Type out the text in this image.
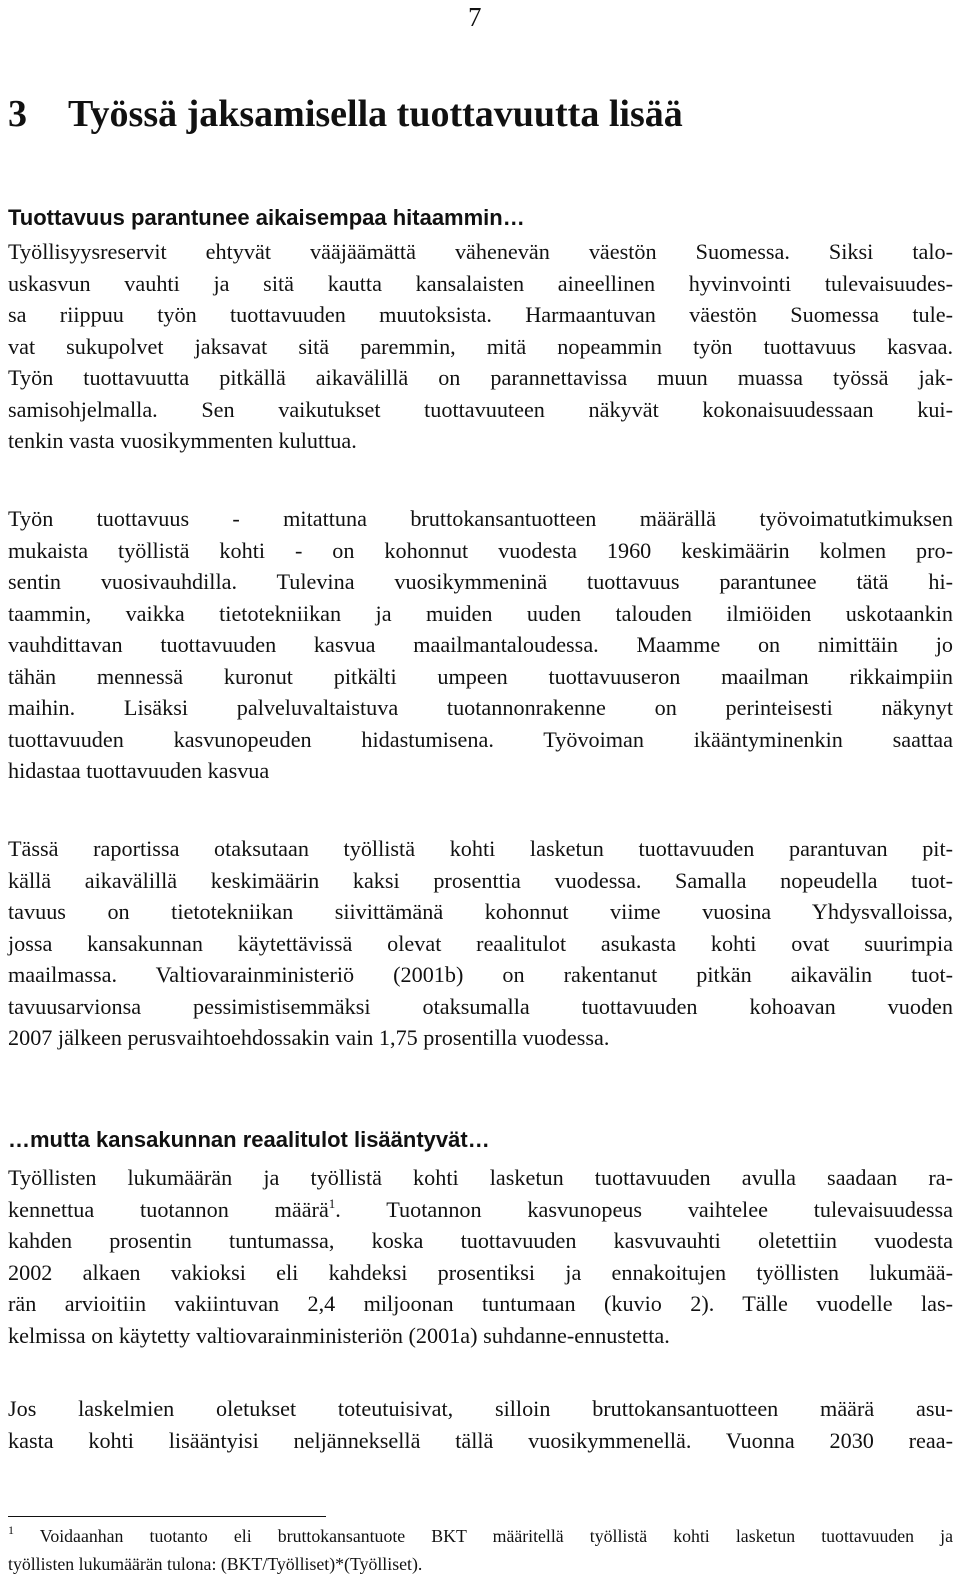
7
3 Työssä jaksamisella tuottavuutta lisää
Tuottavuus parantunee aikaisempaa hitaammin…
Työllisyysreservit ehtyvät vääjäämättä vähenevän väestön Suomessa. Siksi talo-
uskasvun vauhti ja sitä kautta kansalaisten aineellinen hyvinvointi tulevaisuudes-
sa riippuu työn tuottavuuden muutoksista. Harmaantuvan väestön Suomessa tule-
vat sukupolvet jaksavat sitä paremmin, mitä nopeammin työn tuottavuus kasvaa.
Työn tuottavuutta pitkällä aikavälillä on parannettavissa muun muassa työssä jak-
samisohjelmalla. Sen vaikutukset tuottavuuteen näkyvät kokonaisuudessaan kui-
tenkin vasta vuosikymmenten kuluttua.
Työn tuottavuus - mitattuna bruttokansantuotteen määrällä työvoimatutkimuksen
mukaista työllistä kohti - on kohonnut vuodesta 1960 keskimäärin kolmen pro-
sentin vuosivauhdilla. Tulevina vuosikymmeninä tuottavuus parantunee tätä hi-
taammin, vaikka tietotekniikan ja muiden uuden talouden ilmiöiden uskotaankin
vauhdittavan tuottavuuden kasvua maailmantaloudessa. Maamme on nimittäin jo
tähän mennessä kuronut pitkälti umpeen tuottavuuseron maailman rikkaimpiin
maihin. Lisäksi palveluvaltaistuva tuotannonrakenne on perinteisesti näkynyt
tuottavuuden kasvunopeuden hidastumisena. Työvoiman ikääntyminenkin saattaa
hidastaa tuottavuuden kasvua
Tässä raportissa otaksutaan työllistä kohti lasketun tuottavuuden parantuvan pit-
källä aikavälillä keskimäärin kaksi prosenttia vuodessa. Samalla nopeudella tuot-
tavuus on tietotekniikan siivittämänä kohonnut viime vuosina Yhdysvalloissa,
jossa kansakunnan käytettävissä olevat reaalitulot asukasta kohti ovat suurimpia
maailmassa. Valtiovarainministeriö (2001b) on rakentanut pitkän aikavälin tuot-
tavuusarvionsa pessimistisemmäksi otaksumalla tuottavuuden kohoavan vuoden
2007 jälkeen perusvaihtoehdossakin vain 1,75 prosentilla vuodessa.
…mutta kansakunnan reaalitulot lisääntyvät…
Työllisten lukumäärän ja työllistä kohti lasketun tuottavuuden avulla saadaan ra-
kennettua tuotannon määrä$^1$. Tuotannon kasvunopeus vaihtelee tulevaisuudessa
kahden prosentin tuntumassa, koska tuottavuuden kasvuvauhti oletettiin vuodesta
2002 alkaen vakioksi eli kahdeksi prosentiksi ja ennakoitujen työllisten lukumää-
rän arvioitiin vakiintuvan 2,4 miljoonan tuntumaan (kuvio 2). Tälle vuodelle las-
kelmissa on käytetty valtiovarainministeriön (2001a) suhdanne-ennustetta.
Jos laskelmien oletukset toteutuisivat, silloin bruttokansantuotteen määrä asu-
kasta kohti lisääntyisi neljänneksellä tällä vuosikymmenellä. Vuonna 2030 reaa-
$^1$ Voidaanhan tuotanto eli bruttokansantuote BKT määritellä työllistä kohti lasketun tuottavuuden ja
työllisten lukumäärän tulona: (BKT/Työlliset)*(Työlliset).
